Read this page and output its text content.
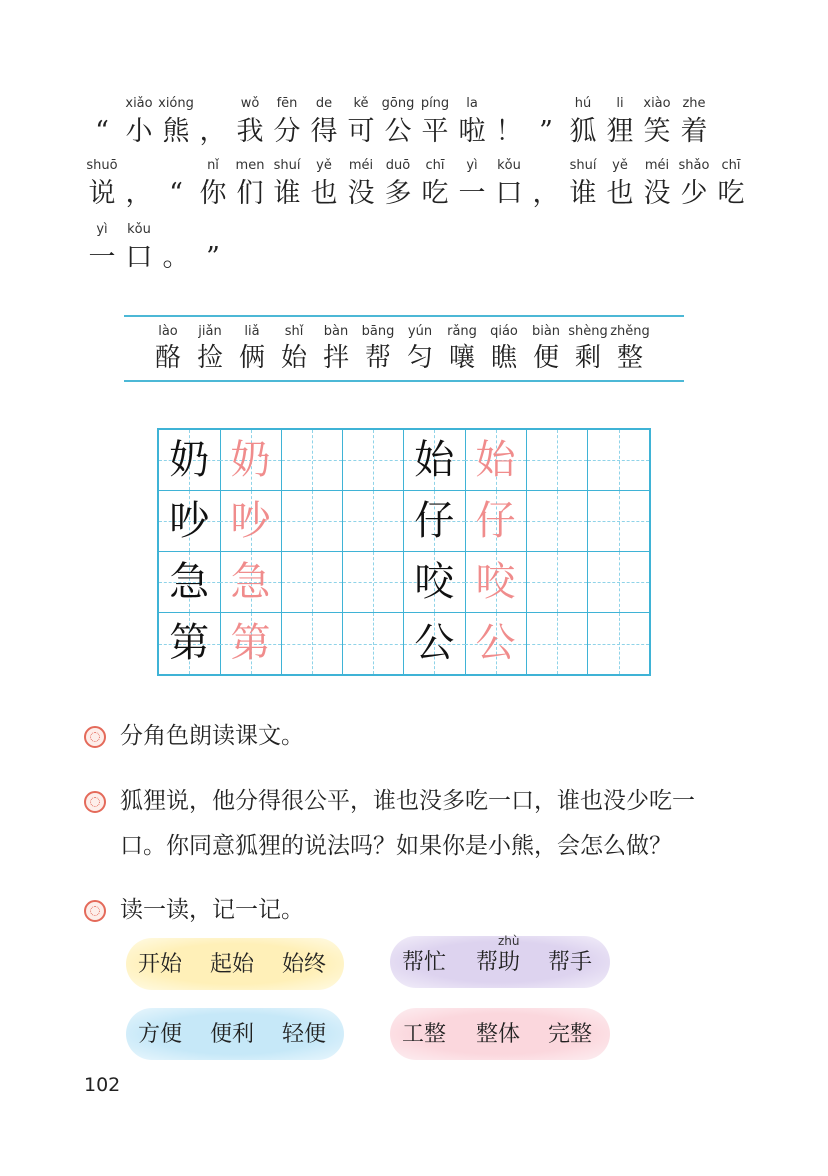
“
xiǎo
小
xióng
熊 ，
wǒ
我
fēn
分
de
得
kě
可
gōng
公
píng
平
la
啦 ！ ”
hú
狐
li
狸
xiào
笑
zhe
着
shuō
说 ， “
nǐ
你
men
们
shuí
谁
yě
也
méi
没
duō
多
chī
吃
yì
一
kǒu
口 ，
shuí
谁
yě
也
méi
没
shǎo
少
chī
吃
yì
一
kǒu
口 。 ”
lào
酪
jiǎn
捡
liǎ
俩
shǐ
始
bàn
拌
bāng
帮
yún
匀
rǎng
嚷
qiáo
瞧
biàn
便
shèng
剩
zhěng
整
奶 奶	始 始
吵 吵	仔 仔
急 急	咬 咬
第 第	公 公
分角色朗读课文。
狐狸说，他分得很公平，谁也没多吃一口，谁也没少吃一
口。你同意狐狸的说法吗？如果你是小熊，会怎么做？
读一读，记一记。
开始 起始 始终
zhù
帮忙 帮助 帮手
方便 便利 轻便	工整 整体 完整
102
